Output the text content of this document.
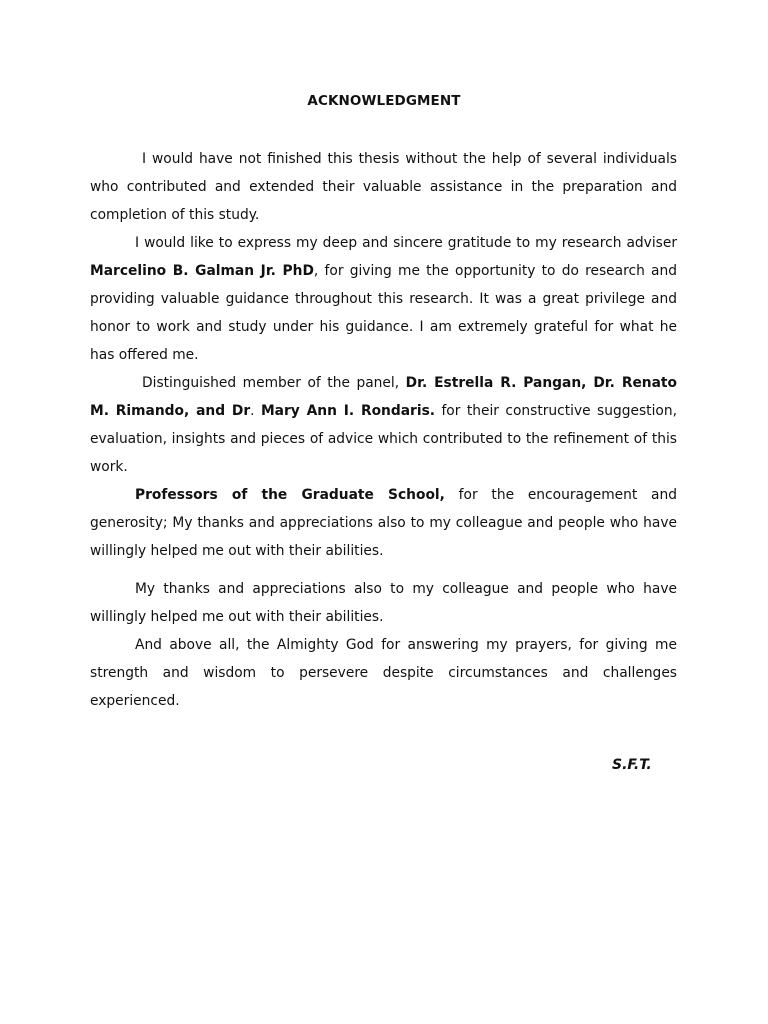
ACKNOWLEDGMENT

I would have not finished this thesis without the help of several individuals who contributed and extended their valuable assistance in the preparation and completion of this study.

I would like to express my deep and sincere gratitude to my research adviser Marcelino B. Galman Jr. PhD, for giving me the opportunity to do research and providing valuable guidance throughout this research. It was a great privilege and honor to work and study under his guidance. I am extremely grateful for what he has offered me.

Distinguished member of the panel, Dr. Estrella R. Pangan, Dr. Renato M. Rimando, and Dr. Mary Ann I. Rondaris. for their constructive suggestion, evaluation, insights and pieces of advice which contributed to the refinement of this work.

Professors of the Graduate School, for the encouragement and generosity; My thanks and appreciations also to my colleague and people who have willingly helped me out with their abilities.

My thanks and appreciations also to my colleague and people who have willingly helped me out with their abilities.

And above all, the Almighty God for answering my prayers, for giving me strength and wisdom to persevere despite circumstances and challenges experienced.

S.F.T.
